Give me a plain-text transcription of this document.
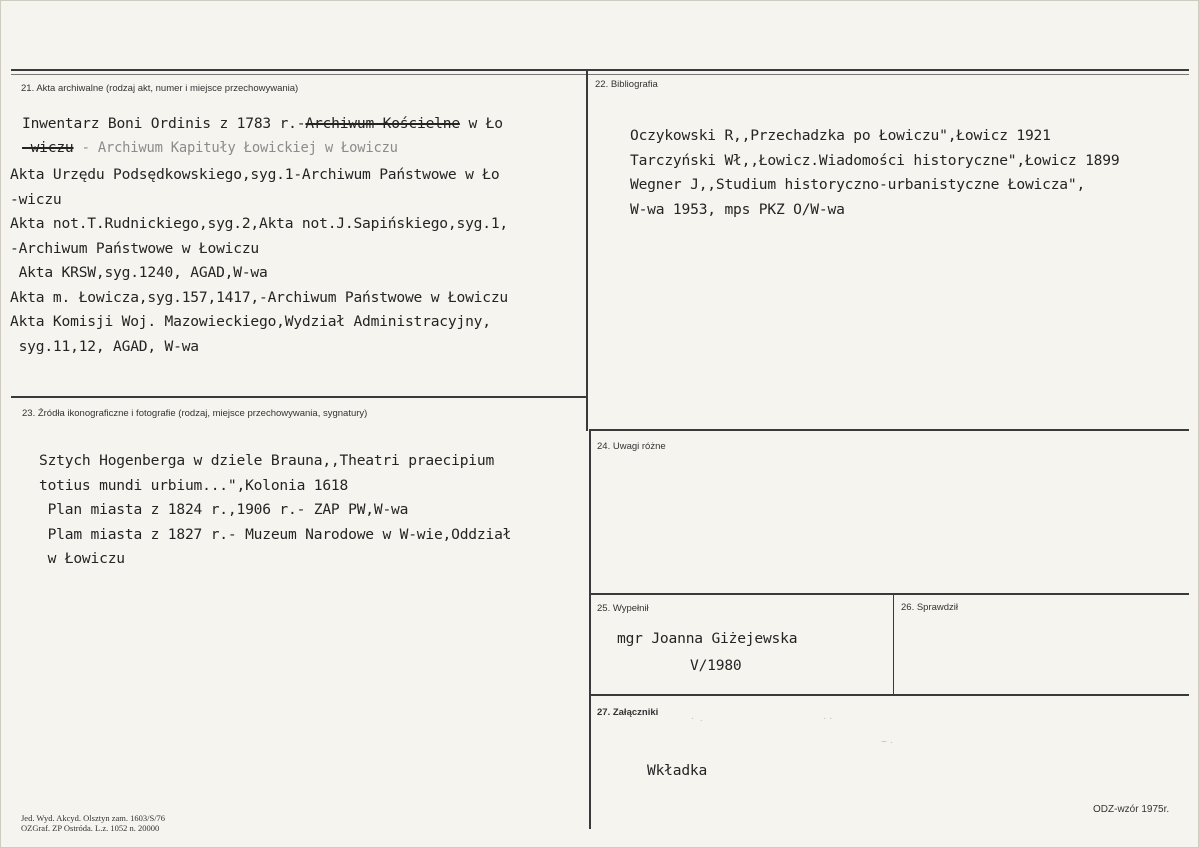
21. Akta archiwalne (rodzaj akt, numer i miejsce przechowywania)
Inwentarz Boni Ordinis z 1783 r.-Archiwum Kościelne w Ło
-wiczu - Archiwum Kapituły Łowickiej w Łowiczu
Akta Urzędu Podsędkowskiego,syg.1-Archiwum Państwowe w Ło
-wiczu
Akta not.T.Rudnickiego,syg.2,Akta not.J.Sapińskiego,syg.1,
-Archiwum Państwowe w Łowiczu
Akta KRSW,syg.1240, AGAD,W-wa
Akta m. Łowicza,syg.157,1417,-Archiwum Państwowe w Łowiczu
Akta Komisji Woj. Mazowieckiego,Wydział Administracyjny,
syg.11,12, AGAD, W-wa
22. Bibliografia
Oczykowski R,,Przechadzka po Łowiczu",Łowicz 1921
Tarczyński Wł,,Łowicz.Wiadomości historyczne",Łowicz 1899
Wegner J,,Studium historyczno-urbanistyczne Łowicza",
W-wa 1953, mps PKZ O/W-wa
23. Źródła ikonograficzne i fotografie (rodzaj, miejsce przechowywania, sygnatury)
Sztych Hogenberga w dziele Brauna,,Theatri praecipium
totius mundi urbium...",Kolonia 1618
Plan miasta z 1824 r.,1906 r.- ZAP PW,W-wa
Plam miasta z 1827 r.- Muzeum Narodowe w W-wie,Oddział
w Łowiczu
24. Uwagi różne
25. Wypełnił
mgr Joanna Giżejewska
V/1980
26. Sprawdził
27. Załączniki
·  .	· ·
~ ·
Wkładka
Jed. Wyd. Akcyd. Olsztyn zam. 1603/S/76
OZGraf. ZP Ostróda. L.z. 1052 n. 20000
ODZ-wzór 1975r.
